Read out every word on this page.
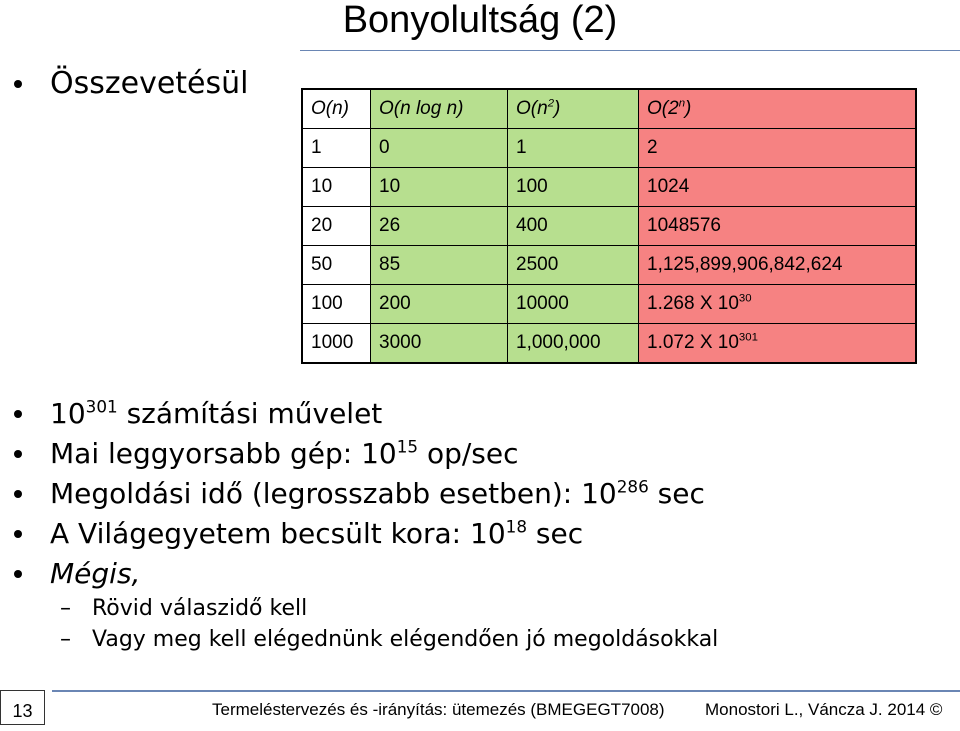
Bonyolultság (2)
Összevetésül
O(n)	O(n log n)	$O(n^2)$	O(2$^n$)
1	0	1	2
10	10	100	1024
20	26	400	1048576
50	85	2500	1,125,899,906,842,624
100	200	10000	1.268 X $10^{30}$
1000	3000	1,000,000	1.072 X $10^{301}$
$10^{301}$ számítási művelet
Mai leggyorsabb gép: $10^{15}$ op/sec
Megoldási idő (legrosszabb esetben): $10^{286}$ sec
A Világegyetem becsült kora: $10^{18}$ sec
Mégis,
– Rövid válaszidő kell
– Vagy meg kell elégednünk elégendően jó megoldásokkal
13	Termeléstervezés és -irányítás: ütemezés (BMEGEGT7008) Monostori L., Váncza J. 2014 ©
